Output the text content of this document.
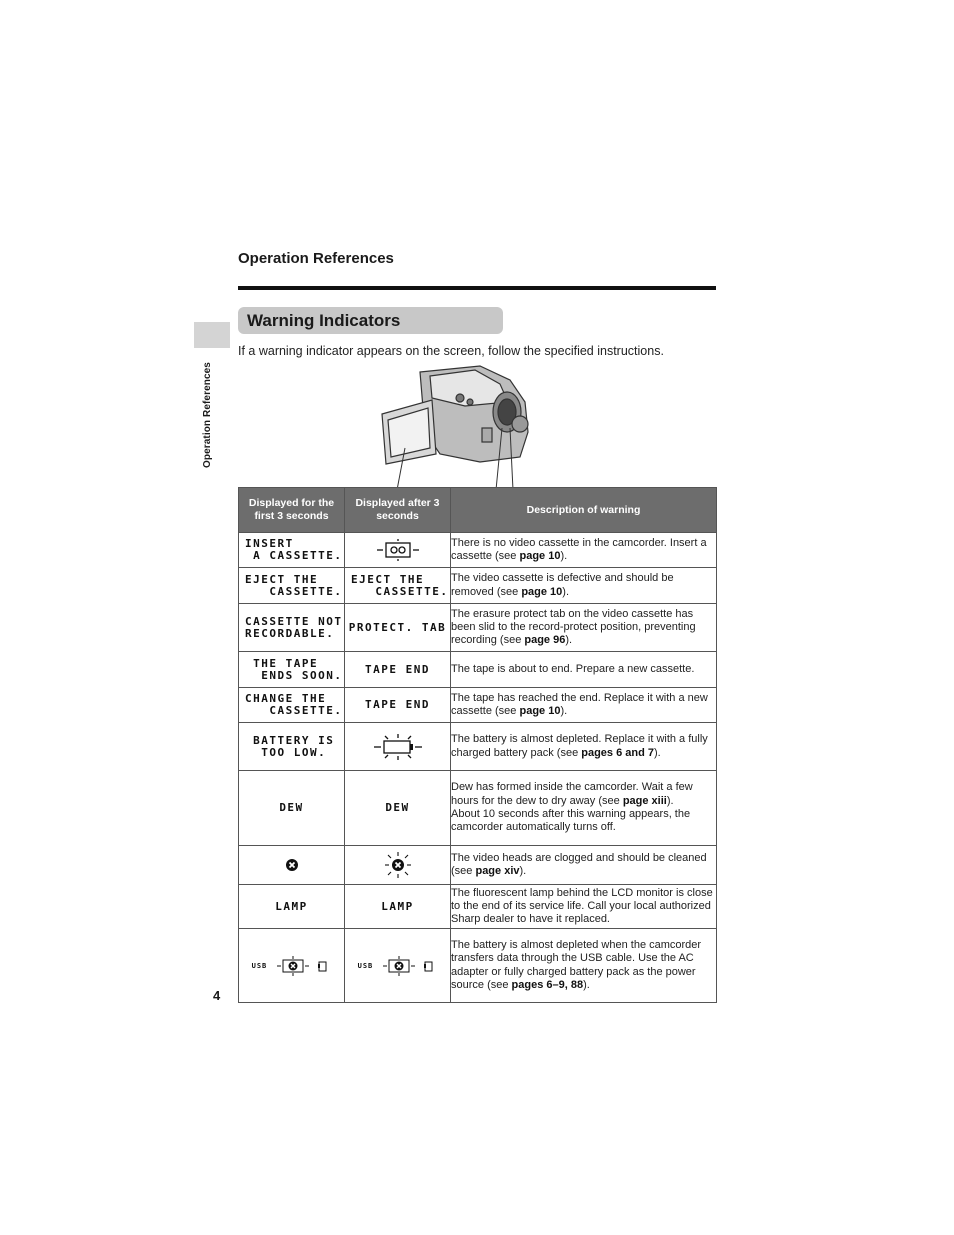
Operation References
Operation References
4
Warning Indicators
If a warning indicator appears on the screen, follow the specified instructions.
Displayed for the first 3 seconds	Displayed after 3 seconds	Description of warning

INSERT
A CASSETTE.		There is no video cassette in the camcorder. Insert a cassette (see page 10).

EJECT THE
CASSETTE.	EJECT THE
CASSETTE.	The video cassette is defective and should be removed (see page 10).

CASSETTE NOT
RECORDABLE.	PROTECT. TAB	The erasure protect tab on the video cassette has been slid to the record-protect position, preventing recording (see page 96).

THE TAPE
ENDS SOON.	TAPE END	The tape is about to end. Prepare a new cassette.

CHANGE THE
CASSETTE.	TAPE END	The tape has reached the end. Replace it with a new cassette (see page 10).

BATTERY IS
TOO LOW.		The battery is almost depleted. Replace it with a fully charged battery pack (see pages 6 and 7).

DEW	DEW	Dew has formed inside the camcorder. Wait a few hours for the dew to dry away (see page xiii).
About 10 seconds after this warning appears, the camcorder automatically turns off.
		The video heads are clogged and should be cleaned (see page xiv).

LAMP	LAMP	The fluorescent lamp behind the LCD monitor is close to the end of its service life. Call your local authorized Sharp dealer to have it replaced.
USB	USB	The battery is almost depleted when the camcorder transfers data through the USB cable. Use the AC adapter or fully charged battery pack as the power source (see pages 6–9, 88).
